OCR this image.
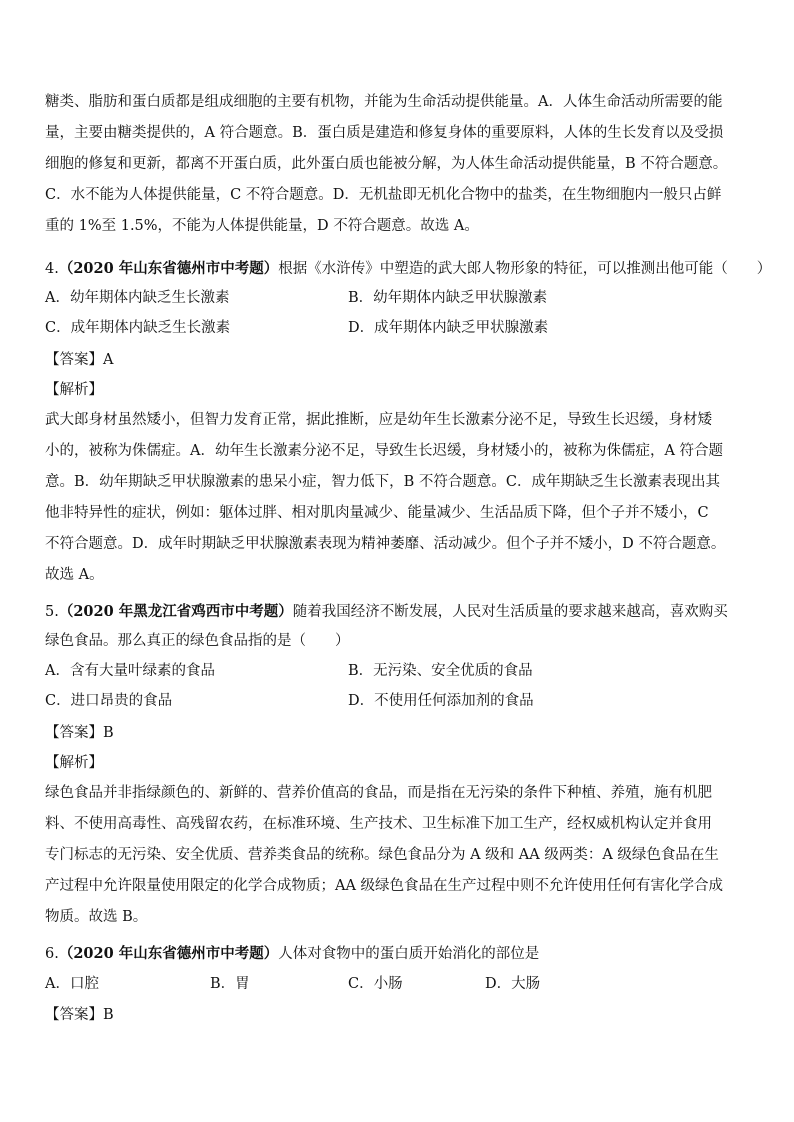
糖类、脂肪和蛋白质都是组成细胞的主要有机物，并能为生命活动提供能量。A．人体生命活动所需要的能
量，主要由糖类提供的，A 符合题意。B．蛋白质是建造和修复身体的重要原料，人体的生长发育以及受损
细胞的修复和更新，都离不开蛋白质，此外蛋白质也能被分解，为人体生命活动提供能量，B 不符合题意。
C．水不能为人体提供能量，C 不符合题意。D．无机盐即无机化合物中的盐类，在生物细胞内一般只占鲜
重的 1%至 1.5%，不能为人体提供能量，D 不符合题意。故选 A。
4.（2020 年山东省德州市中考题）根据《水浒传》中塑造的武大郎人物形象的特征，可以推测出他可能（　　）
A．幼年期体内缺乏生长激素	B．幼年期体内缺乏甲状腺激素
C．成年期体内缺乏生长激素	D．成年期体内缺乏甲状腺激素
【答案】A
【解析】
武大郎身材虽然矮小，但智力发育正常，据此推断，应是幼年生长激素分泌不足，导致生长迟缓，身材矮
小的，被称为侏儒症。A．幼年生长激素分泌不足，导致生长迟缓，身材矮小的，被称为侏儒症，A 符合题
意。B．幼年期缺乏甲状腺激素的患呆小症，智力低下，B 不符合题意。C．成年期缺乏生长激素表现出其
他非特异性的症状，例如：躯体过胖、相对肌肉量减少、能量减少、生活品质下降，但个子并不矮小，C
不符合题意。D．成年时期缺乏甲状腺激素表现为精神萎靡、活动减少。但个子并不矮小，D 不符合题意。
故选 A。
5.（2020 年黑龙江省鸡西市中考题）随着我国经济不断发展，人民对生活质量的要求越来越高，喜欢购买
绿色食品。那么真正的绿色食品指的是（　　）
A．含有大量叶绿素的食品	B．无污染、安全优质的食品
C．进口昂贵的食品	D．不使用任何添加剂的食品
【答案】B
【解析】
绿色食品并非指绿颜色的、新鲜的、营养价值高的食品，而是指在无污染的条件下种植、养殖，施有机肥
料、不使用高毒性、高残留农药，在标准环境、生产技术、卫生标准下加工生产，经权威机构认定并食用
专门标志的无污染、安全优质、营养类食品的统称。绿色食品分为 A 级和 AA 级两类：A 级绿色食品在生
产过程中允许限量使用限定的化学合成物质；AA 级绿色食品在生产过程中则不允许使用任何有害化学合成
物质。故选 B。
6.（2020 年山东省德州市中考题）人体对食物中的蛋白质开始消化的部位是
A．口腔	B．胃	C．小肠	D．大肠
【答案】B
